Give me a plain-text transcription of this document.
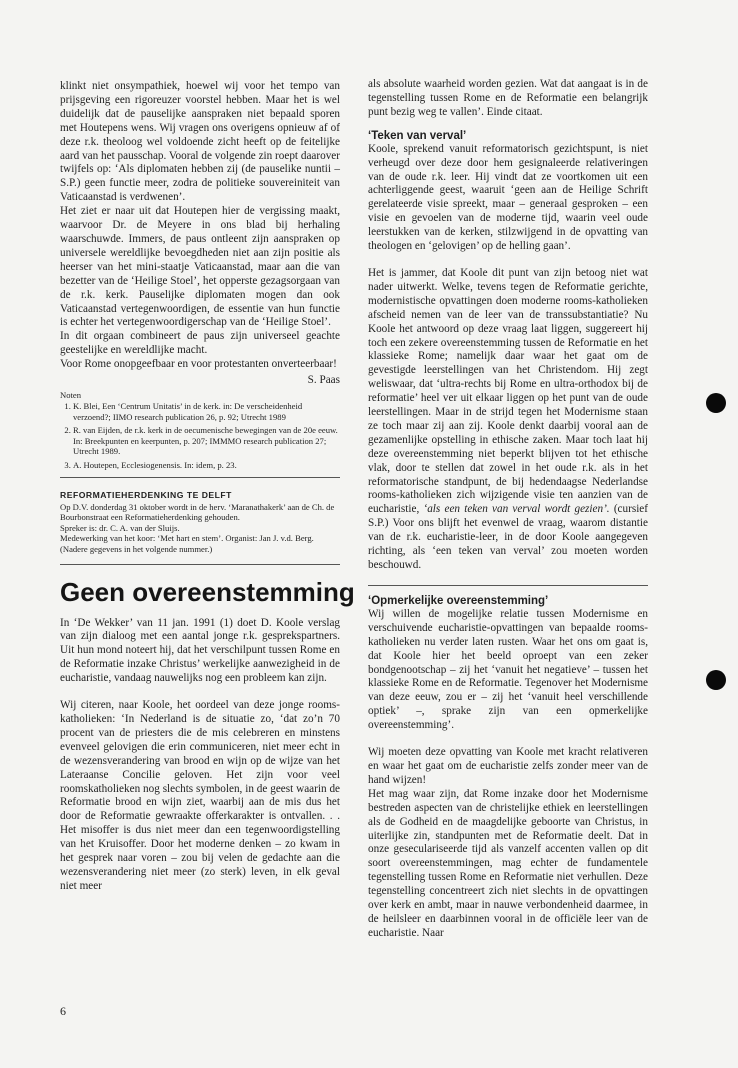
klinkt niet onsympathiek, hoewel wij voor het tempo van prijsgeving een rigoreuzer voorstel hebben. Maar het is wel duidelijk dat de pauselijke aanspraken niet bepaald sporen met Houtepens wens. Wij vragen ons overigens opnieuw af of deze r.k. theoloog wel voldoende zicht heeft op de feitelijke aard van het pausschap. Vooral de volgende zin roept daarover twijfels op: ‘Als diplomaten hebben zij (de pauselike nuntii – S.P.) geen functie meer, zodra de politieke souvereiniteit van Vaticaanstad is verdwenen’.

Het ziet er naar uit dat Houtepen hier de vergissing maakt, waarvoor Dr. de Meyere in ons blad bij herhaling waarschuwde. Immers, de paus ontleent zijn aanspraken op universele wereldlijke bevoegdheden niet aan zijn positie als heerser van het mini-staatje Vaticaanstad, maar aan die van bezetter van de ‘Heilige Stoel’, het opperste gezagsorgaan van de r.k. kerk. Pauselijke diplomaten mogen dan ook Vaticaanstad vertegenwoordigen, de essentie van hun functie is echter het vertegenwoordigerschap van de ‘Heilige Stoel’.

In dit orgaan combineert de paus zijn universeel geachte geestelijke en wereldlijke macht.

Voor Rome onopgeefbaar en voor protestanten onverteerbaar!

S. Paas
Noten
1. K. Blei, Een ‘Centrum Unitatis’ in de kerk. in: De verscheidenheid verzoend?; IIMO research publication 26, p. 92; Utrecht 1989
2. R. van Eijden, de r.k. kerk in de oecumenische bewegingen van de 20e eeuw. In: Breekpunten en keerpunten, p. 207; IMMMO research publication 27; Utrecht 1989.
3. A. Houtepen, Ecclesiogenensis. In: idem, p. 23.
REFORMATIEHERDENKING TE DELFT

Op D.V. donderdag 31 oktober wordt in de herv. ‘Maranathakerk’ aan de Ch. de Bourbonstraat een Reformatieherdenking gehouden.

Spreker is: dr. C. A. van der Sluijs.

Medewerking van het koor: ‘Met hart en stem’. Organist: Jan J. v.d. Berg.

(Nadere gegevens in het volgende nummer.)

Geen overeenstemming

In ‘De Wekker’ van 11 jan. 1991 (1) doet D. Koole verslag van zijn dialoog met een aantal jonge r.k. gesprekspartners. Uit hun mond noteert hij, dat het verschilpunt tussen Rome en de Reformatie inzake Christus’ werkelijke aanwezigheid in de eucharistie, vandaag nauwelijks nog een probleem kan zijn.

Wij citeren, naar Koole, het oordeel van deze jonge rooms-katholieken: ‘In Nederland is de situatie zo, ‘dat zo’n 70 procent van de priesters die de mis celebreren en minstens evenveel gelovigen die erin communiceren, niet meer echt in de wezensverandering van brood en wijn op de wijze van het Lateraanse Concilie geloven. Het zijn voor veel roomskatholieken nog slechts symbolen, in de geest waarin de Reformatie brood en wijn ziet, waarbij aan de mis dus het door de Reformatie gewraakte offerkarakter is ontvallen. . . Het misoffer is dus niet meer dan een tegenwoordigstelling van het Kruisoffer. Door het moderne denken – zo kwam in het gesprek naar voren – zou bij velen de gedachte aan die wezensverandering niet meer (zo sterk) leven, in elk geval niet meer

als absolute waarheid worden gezien. Wat dat aangaat is in de tegenstelling tussen Rome en de Reformatie een belangrijk punt bezig weg te vallen’. Einde citaat.

‘Teken van verval’

Koole, sprekend vanuit reformatorisch gezichtspunt, is niet verheugd over deze door hem gesignaleerde relativeringen van de oude r.k. leer. Hij vindt dat ze voortkomen uit een achterliggende geest, waaruit ‘geen aan de Heilige Schrift gerelateerde visie spreekt, maar – generaal gesproken – een visie en gevoelen van de moderne tijd, waarin veel oude leerstukken van de kerken, stilzwijgend in de opvatting van theologen en ‘gelovigen’ op de helling gaan’.

Het is jammer, dat Koole dit punt van zijn betoog niet wat nader uitwerkt. Welke, tevens tegen de Reformatie gerichte, modernistische opvattingen doen moderne rooms-katholieken afscheid nemen van de leer van de transsubstantiatie? Nu Koole het antwoord op deze vraag laat liggen, suggereert hij toch een zekere overeenstemming tussen de Reformatie en het klassieke Rome; namelijk daar waar het gaat om de gevestigde leerstellingen van het Christendom. Hij zegt weliswaar, dat ‘ultra-rechts bij Rome en ultra-orthodox bij de reformatie’ heel ver uit elkaar liggen op het punt van de oude leerstellingen. Maar in de strijd tegen het Modernisme staan ze toch maar zij aan zij. Koole denkt daarbij vooral aan de gezamenlijke opstelling in ethische zaken. Maar toch laat hij deze overeenstemming niet beperkt blijven tot het ethische vlak, door te stellen dat zowel in het oude r.k. als in het reformatorische standpunt, de bij hedendaagse Nederlandse rooms-katholieken zich wijzigende visie ten aanzien van de eucharistie, ‘als een teken van verval wordt gezien’. (cursief S.P.) Voor ons blijft het evenwel de vraag, waarom distantie van de r.k. eucharistie-leer, in de door Koole aangegeven richting, als ‘een teken van verval’ zou moeten worden beschouwd.

‘Opmerkelijke overeenstemming’

Wij willen de mogelijke relatie tussen Modernisme en verschuivende eucharistie-opvattingen van bepaalde rooms-katholieken nu verder laten rusten. Waar het ons om gaat is, dat Koole hier het beeld oproept van een zeker bondgenootschap – zij het ‘vanuit het negatieve’ – tussen het klassieke Rome en de Reformatie. Tegenover het Modernisme van deze eeuw, zou er – zij het ‘vanuit heel verschillende optiek’ –, sprake zijn van een opmerkelijke overeenstemming’.

Wij moeten deze opvatting van Koole met kracht relativeren en waar het gaat om de eucharistie zelfs zonder meer van de hand wijzen!

Het mag waar zijn, dat Rome inzake door het Modernisme bestreden aspecten van de christelijke ethiek en leerstellingen als de Godheid en de maagdelijke geboorte van Christus, in uiterlijke zin, standpunten met de Reformatie deelt. Dat in onze geseculariseerde tijd als vanzelf accenten vallen op dit soort overeenstemmingen, mag echter de fundamentele tegenstelling tussen Rome en Reformatie niet verhullen. Deze tegenstelling concentreert zich niet slechts in de opvattingen over kerk en ambt, maar in nauwe verbondenheid daarmee, in de heilsleer en daarbinnen vooral in de officiële leer van de eucharistie. Naar

6
